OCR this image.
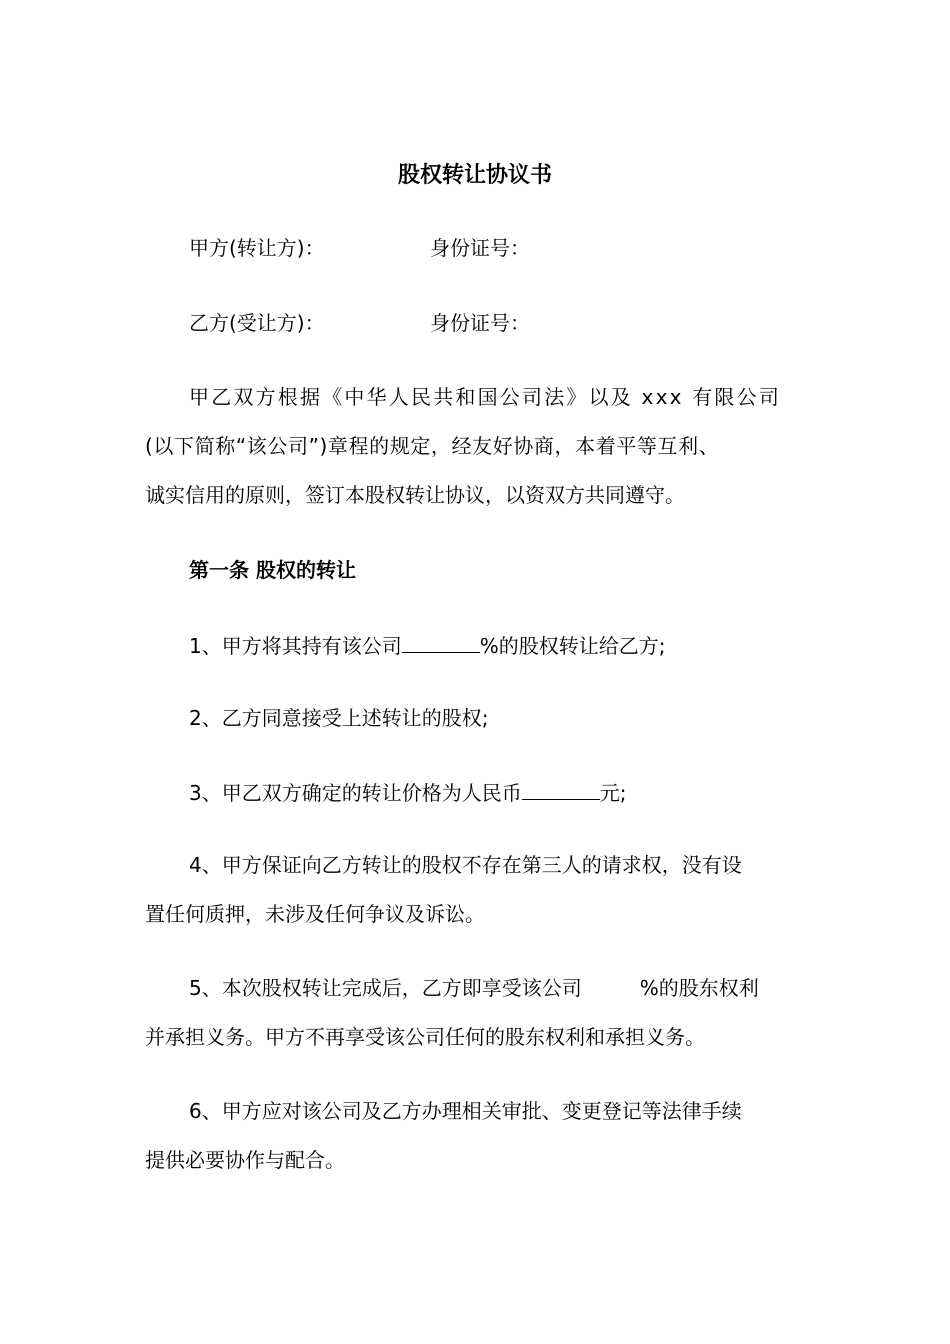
股权转让协议书
甲方(转让方)：	身份证号：
乙方(受让方)：	身份证号：
甲乙双方根据《中华人民共和国公司法》以及 xxx 有限公司
(以下简称“该公司”)章程的规定，经友好协商，本着平等互利、
诚实信用的原则，签订本股权转让协议，以资双方共同遵守。
第一条 股权的转让
1、甲方将其持有该公司	%的股权转让给乙方;
2、乙方同意接受上述转让的股权;
3、甲乙双方确定的转让价格为人民币	元;
4、甲方保证向乙方转让的股权不存在第三人的请求权，没有设
置任何质押，未涉及任何争议及诉讼。
5、本次股权转让完成后，乙方即享受该公司	%的股东权利
并承担义务。甲方不再享受该公司任何的股东权利和承担义务。
6、甲方应对该公司及乙方办理相关审批、变更登记等法律手续
提供必要协作与配合。
